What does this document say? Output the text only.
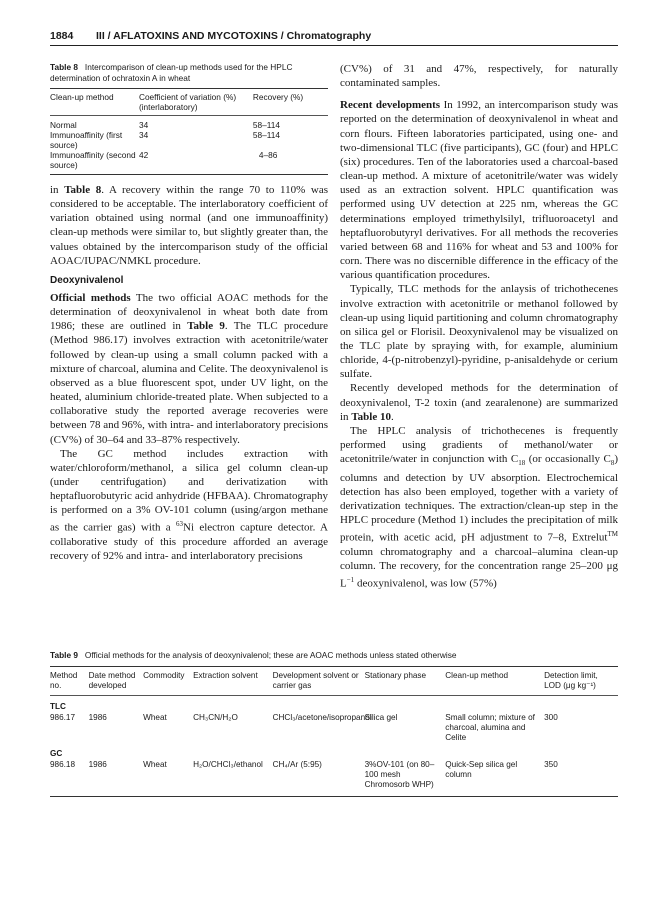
1884 III / AFLATOXINS AND MYCOTOXINS / Chromatography
Table 8 Intercomparison of clean-up methods used for the HPLC determination of ochratoxin A in wheat
Clean-up method	Coefficient of variation (%) (interlaboratory)	Recovery (%)

Normal	34	58–114
Immunoaffinity (first source)	34	58–114
Immunoaffinity (second source)	42	4–86

in Table 8. A recovery within the range 70 to 110% was considered to be acceptable. The interlaboratory coefficient of variation obtained using normal (and one immunoaffinity) clean-up methods were similar to, but slightly greater than, the values obtained by the intercomparison study of the official AOAC/IUPAC/NMKL procedure.

Deoxynivalenol

Official methods The two official AOAC methods for the determination of deoxynivalenol in wheat both date from 1986; these are outlined in Table 9. The TLC procedure (Method 986.17) involves extraction with acetonitrile/water followed by clean-up using a small column packed with a mixture of charcoal, alumina and Celite. The deoxynivalenol is observed as a blue fluorescent spot, under UV light, on the heated, aluminium chloride-treated plate. When subjected to a collaborative study the reported average recoveries were between 78 and 96%, with intra- and interlaboratory precisions (CV%) of 30–64 and 33–87% respectively.

The GC method includes extraction with water/chloroform/methanol, a silica gel column clean-up (under centrifugation) and derivatization with heptafluorobutyric acid anhydride (HFBAA). Chromatography is performed on a 3% OV-101 column (using/argon methane as the carrier gas) with a $^{63}$Ni electron capture detector. A collaborative study of this procedure afforded an average recovery of 92% and intra- and interlaboratory precisions

(CV%) of 31 and 47%, respectively, for naturally contaminated samples.

Recent developments In 1992, an intercomparison study was reported on the determination of deoxynivalenol in wheat and corn flours. Fifteen laboratories participated, using one- and two-dimensional TLC (five participants), GC (four) and HPLC (six) procedures. Ten of the laboratories used a charcoal-based clean-up method. A mixture of acetonitrile/water was widely used as an extraction solvent. HPLC quantification was performed using UV detection at 225 nm, whereas the GC determinations employed trimethylsilyl, trifluoroacetyl and heptafluorobutyryl derivatives. For all methods the recoveries varied between 68 and 116% for wheat and 53 and 100% for corn. There was no discernible difference in the efficacy of the various quantification procedures.

Typically, TLC methods for the anlaysis of trichothecenes involve extraction with acetonitrile or methanol followed by clean-up using liquid partitioning and column chromatography on silica gel or Florisil. Deoxynivalenol may be visualized on the TLC plate by spraying with, for example, aluminium chloride, 4-(p-nitrobenzyl)-pyridine, p-anisaldehyde or cerium sulfate.

Recently developed methods for the determination of deoxynivalenol, T-2 toxin (and zearalenone) are summarized in Table 10.

The HPLC analysis of trichothecenes is frequently performed using gradients of methanol/water or acetonitrile/water in conjunction with $C_{18}$ (or occasionally $C_8$) columns and detection by UV absorption. Electrochemical detection has also been employed, together with a variety of derivatization techniques. The extraction/clean-up step in the HPLC procedure (Method 1) includes the precipitation of milk protein, with acetic acid, pH adjustment to 7–8, Extrelut™ column chromatography and a charcoal–alumina clean-up column. The recovery, for the concentration range 25–200 μg $L^{-1}$ deoxynivalenol, was low (57%)

Table 9 Official methods for the analysis of deoxynivalenol; these are AOAC methods unless stated otherwise
Method no.	Date method developed	Commodity	Extraction solvent	Development solvent or carrier gas	Stationary phase	Clean-up method	Detection limit, LOD (μg kg⁻¹)

TLC							
986.17	1986	Wheat	CH₃CN/H₂O	CHCl₃/acetone/isopropanol	Silica gel	Small column; mixture of charcoal, alumina and Celite	300
GC							
986.18	1986	Wheat	H₂O/CHCl₃/ethanol	CH₄/Ar (5:95)	3%OV-101 (on 80–100 mesh Chromosorb WHP)	Quick-Sep silica gel column	350
